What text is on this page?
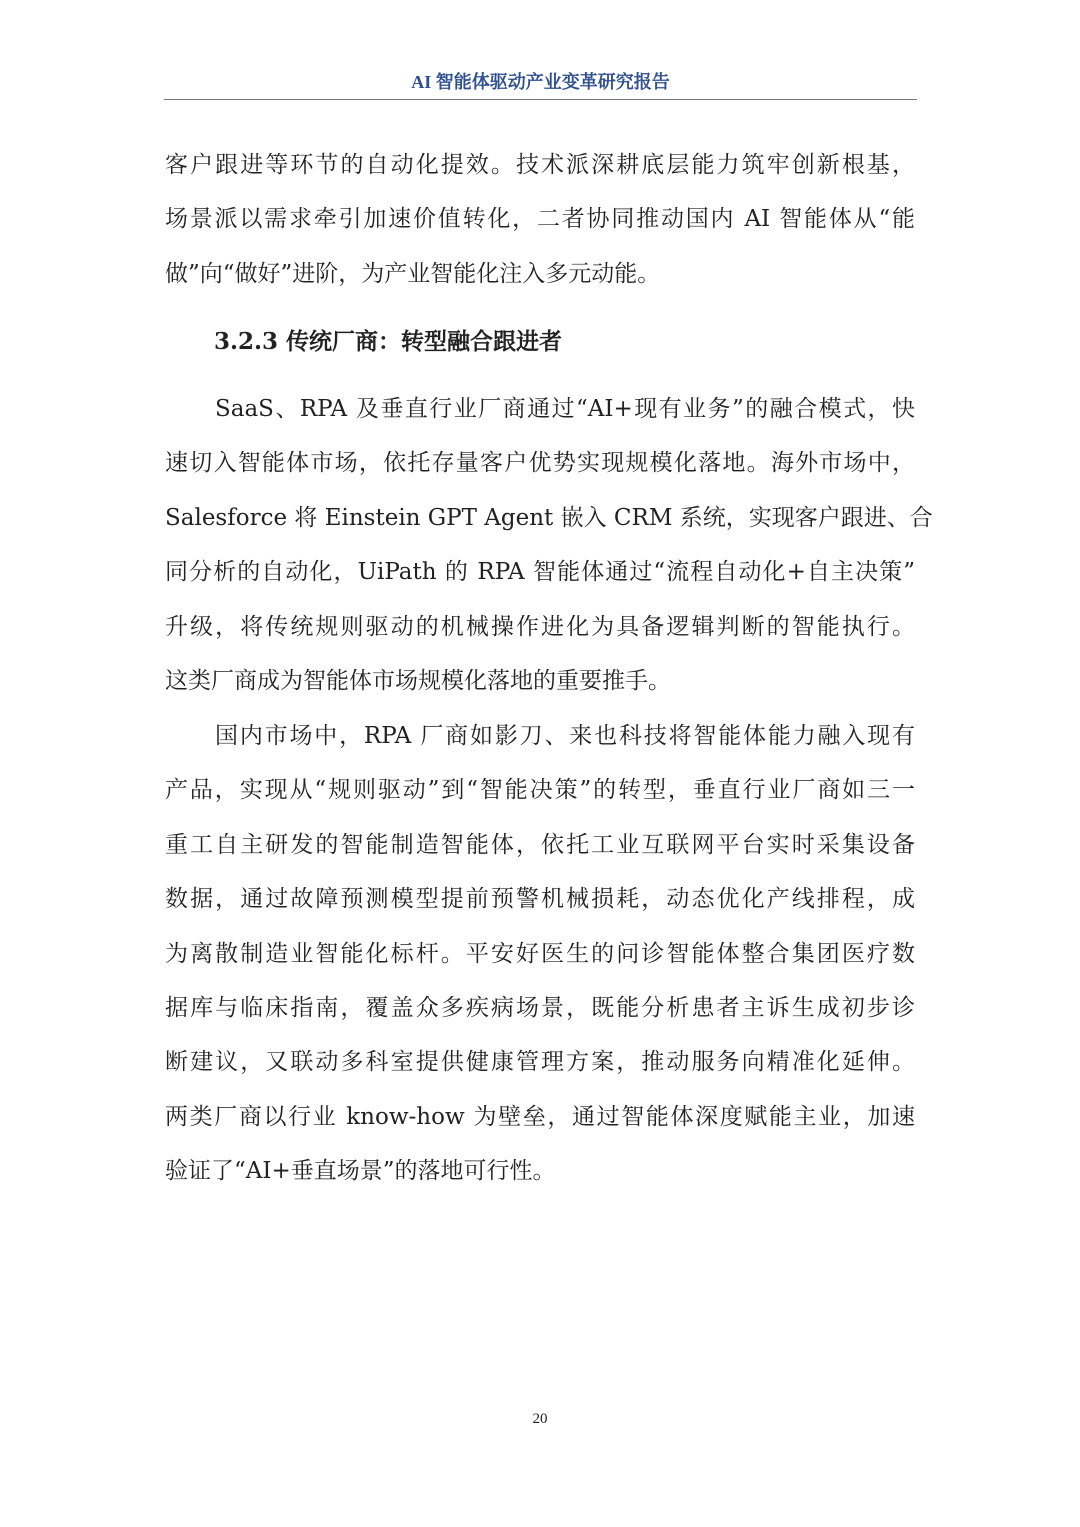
AI 智能体驱动产业变革研究报告
客户跟进等环节的自动化提效。技术派深耕底层能力筑牢创新根基，
场景派以需求牵引加速价值转化，二者协同推动国内 AI 智能体从“能
做”向“做好”进阶，为产业智能化注入多元动能。
3.2.3 传统厂商：转型融合跟进者
SaaS、RPA 及垂直行业厂商通过“AI+现有业务”的融合模式，快
速切入智能体市场，依托存量客户优势实现规模化落地。海外市场中，
Salesforce 将 Einstein GPT Agent 嵌入 CRM 系统，实现客户跟进、合
同分析的自动化，UiPath 的 RPA 智能体通过“流程自动化+自主决策”
升级，将传统规则驱动的机械操作进化为具备逻辑判断的智能执行。
这类厂商成为智能体市场规模化落地的重要推手。
国内市场中，RPA 厂商如影刀、来也科技将智能体能力融入现有
产品，实现从“规则驱动”到“智能决策”的转型，垂直行业厂商如三一
重工自主研发的智能制造智能体，依托工业互联网平台实时采集设备
数据，通过故障预测模型提前预警机械损耗，动态优化产线排程，成
为离散制造业智能化标杆。平安好医生的问诊智能体整合集团医疗数
据库与临床指南，覆盖众多疾病场景，既能分析患者主诉生成初步诊
断建议，又联动多科室提供健康管理方案，推动服务向精准化延伸。
两类厂商以行业 know-how 为壁垒，通过智能体深度赋能主业，加速
验证了“AI+垂直场景”的落地可行性。
20
